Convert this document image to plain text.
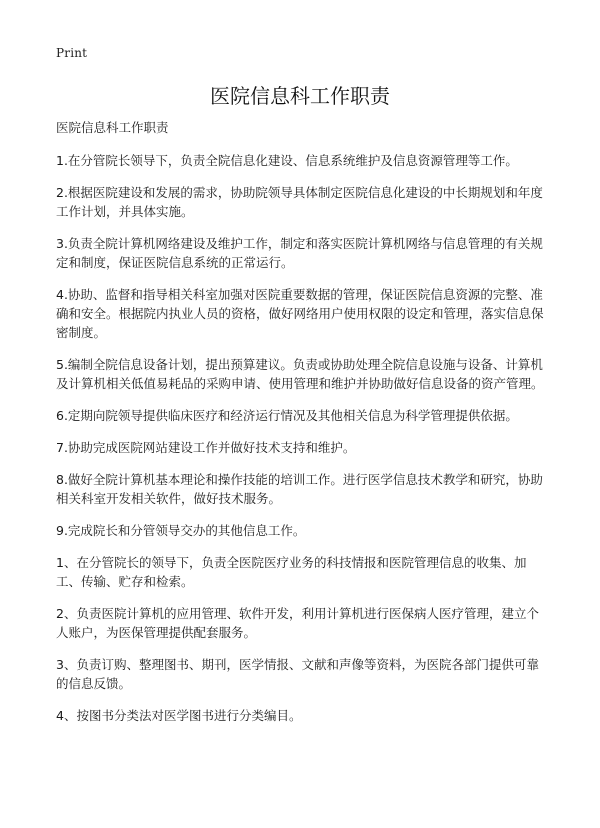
Print
医院信息科工作职责

医院信息科工作职责

1.在分管院长领导下，负责全院信息化建设、信息系统维护及信息资源管理等工作。

2.根据医院建设和发展的需求，协助院领导具体制定医院信息化建设的中长期规划和年度工作计划，并具体实施。

3.负责全院计算机网络建设及维护工作，制定和落实医院计算机网络与信息管理的有关规定和制度，保证医院信息系统的正常运行。

4.协助、监督和指导相关科室加强对医院重要数据的管理，保证医院信息资源的完整、准确和安全。根据院内执业人员的资格，做好网络用户使用权限的设定和管理，落实信息保密制度。

5.编制全院信息设备计划，提出预算建议。负责或协助处理全院信息设施与设备、计算机及计算机相关低值易耗品的采购申请、使用管理和维护并协助做好信息设备的资产管理。

6.定期向院领导提供临床医疗和经济运行情况及其他相关信息为科学管理提供依据。

7.协助完成医院网站建设工作并做好技术支持和维护。

8.做好全院计算机基本理论和操作技能的培训工作。进行医学信息技术教学和研究，协助相关科室开发相关软件，做好技术服务。

9.完成院长和分管领导交办的其他信息工作。

1、在分管院长的领导下，负责全医院医疗业务的科技情报和医院管理信息的收集、加工、传输、贮存和检索。

2、负责医院计算机的应用管理、软件开发，利用计算机进行医保病人医疗管理，建立个人账户，为医保管理提供配套服务。

3、负责订购、整理图书、期刊，医学情报、文献和声像等资料，为医院各部门提供可靠的信息反馈。

4、按图书分类法对医学图书进行分类编目。
